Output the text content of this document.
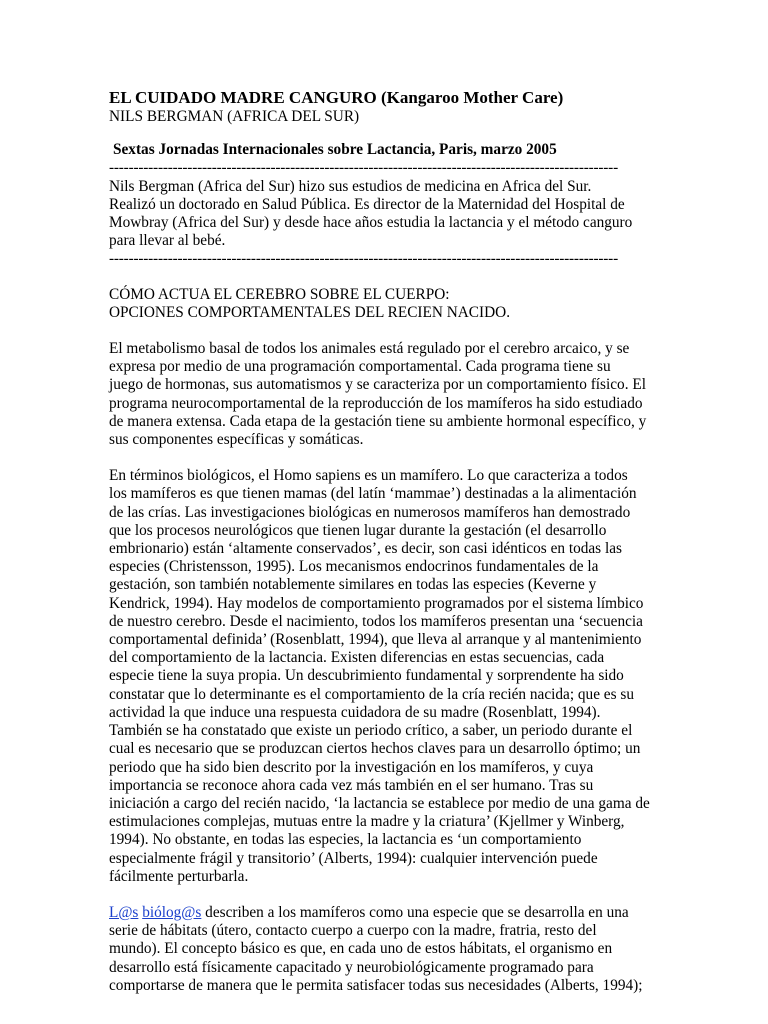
EL CUIDADO MADRE CANGURO (Kangaroo Mother Care)

NILS BERGMAN (AFRICA DEL SUR)

Sextas Jornadas Internacionales sobre Lactancia, Paris, marzo 2005

--------------------------------------------------------------------------------------------------------
Nils Bergman (Africa del Sur) hizo sus estudios de medicina en Africa del Sur.
Realizó un doctorado en Salud Pública. Es director de la Maternidad del Hospital de
Mowbray (Africa del Sur) y desde hace años estudia la lactancia y el método canguro
para llevar al bebé.
--------------------------------------------------------------------------------------------------------
CÓMO ACTUA EL CEREBRO SOBRE EL CUERPO:
OPCIONES COMPORTAMENTALES DEL RECIEN NACIDO.
El metabolismo basal de todos los animales está regulado por el cerebro arcaico, y se
expresa por medio de una programación comportamental. Cada programa tiene su
juego de hormonas, sus automatismos y se caracteriza por un comportamiento físico. El
programa neurocomportamental de la reproducción de los mamíferos ha sido estudiado
de manera extensa. Cada etapa de la gestación tiene su ambiente hormonal específico, y
sus componentes específicas y somáticas.
En términos biológicos, el Homo sapiens es un mamífero. Lo que caracteriza a todos
los mamíferos es que tienen mamas (del latín ‘mammae’) destinadas a la alimentación
de las crías. Las investigaciones biológicas en numerosos mamíferos han demostrado
que los procesos neurológicos que tienen lugar durante la gestación (el desarrollo
embrionario) están ‘altamente conservados’, es decir, son casi idénticos en todas las
especies (Christensson, 1995). Los mecanismos endocrinos fundamentales de la
gestación, son también notablemente similares en todas las especies (Keverne y
Kendrick, 1994). Hay modelos de comportamiento programados por el sistema límbico
de nuestro cerebro. Desde el nacimiento, todos los mamíferos presentan una ‘secuencia
comportamental definida’ (Rosenblatt, 1994), que lleva al arranque y al mantenimiento
del comportamiento de la lactancia. Existen diferencias en estas secuencias, cada
especie tiene la suya propia. Un descubrimiento fundamental y sorprendente ha sido
constatar que lo determinante es el comportamiento de la cría recién nacida; que es su
actividad la que induce una respuesta cuidadora de su madre (Rosenblatt, 1994).
También se ha constatado que existe un periodo crítico, a saber, un periodo durante el
cual es necesario que se produzcan ciertos hechos claves para un desarrollo óptimo; un
periodo que ha sido bien descrito por la investigación en los mamíferos, y cuya
importancia se reconoce ahora cada vez más también en el ser humano. Tras su
iniciación a cargo del recién nacido, ‘la lactancia se establece por medio de una gama de
estimulaciones complejas, mutuas entre la madre y la criatura’ (Kjellmer y Winberg,
1994). No obstante, en todas las especies, la lactancia es ‘un comportamiento
especialmente frágil y transitorio’ (Alberts, 1994): cualquier intervención puede
fácilmente perturbarla.
L@s biólog@s describen a los mamíferos como una especie que se desarrolla en una
serie de hábitats (útero, contacto cuerpo a cuerpo con la madre, fratria, resto del
mundo). El concepto básico es que, en cada uno de estos hábitats, el organismo en
desarrollo está físicamente capacitado y neurobiológicamente programado para
comportarse de manera que le permita satisfacer todas sus necesidades (Alberts, 1994);
